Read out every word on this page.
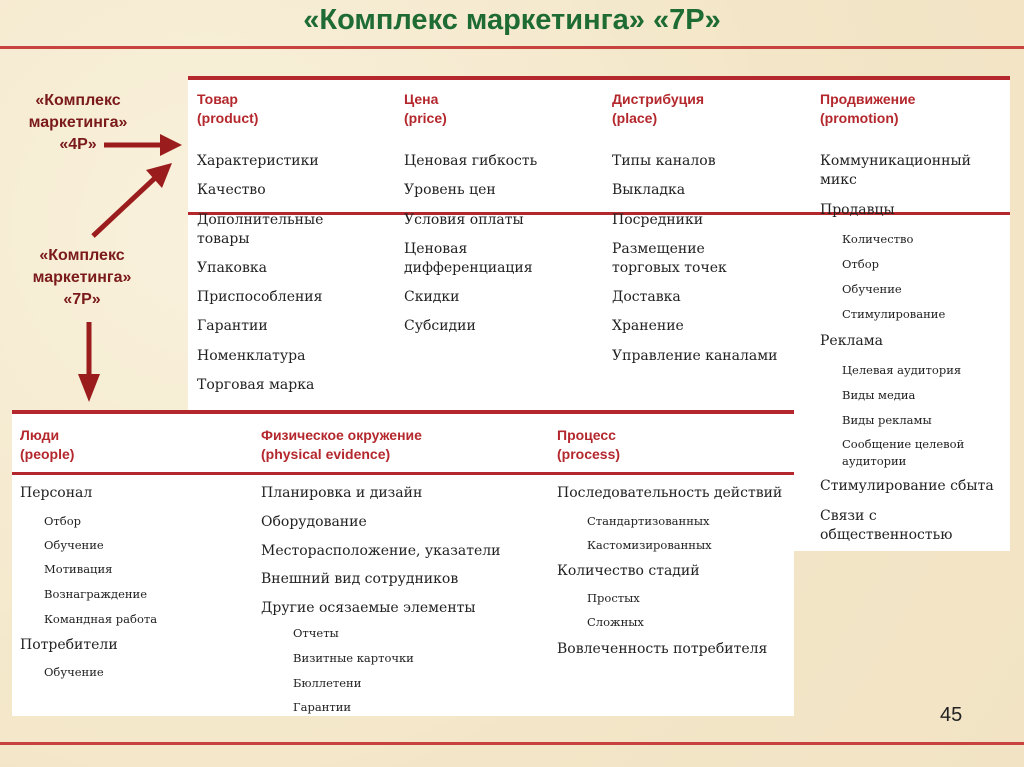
«Комплекс маркетинга» «7Р»
«Комплекс
маркетинга»
«4P»
«Комплекс
маркетинга»
«7P»
Товар
(product)
Характеристики
Качество
Дополнительные
товары
Упаковка
Приспособления
Гарантии
Номенклатура
Торговая марка
Цена
(price)
Ценовая гибкость
Уровень цен
Условия оплаты
Ценовая
дифференциация
Скидки
Субсидии
Дистрибуция
(place)
Типы каналов
Выкладка
Посредники
Размещение
торговых точек
Доставка
Хранение
Управление каналами
Продвижение
(promotion)
Коммуникационный
микс
Продавцы
Количество
Отбор
Обучение
Стимулирование
Реклама
Целевая аудитория
Виды медиа
Виды рекламы
Сообщение целевой
аудитории
Стимулирование сбыта
Связи с
общественностью
Люди
(people)
Персонал
Отбор
Обучение
Мотивация
Вознаграждение
Командная работа
Потребители
Обучение
Физическое окружение
(physical evidence)
Планировка и дизайн
Оборудование
Месторасположение, указатели
Внешний вид сотрудников
Другие осязаемые элементы
Отчеты
Визитные карточки
Бюллетени
Гарантии
Процесс
(process)
Последовательность действий
Стандартизованных
Кастомизированных
Количество стадий
Простых
Сложных
Вовлеченность потребителя
45
